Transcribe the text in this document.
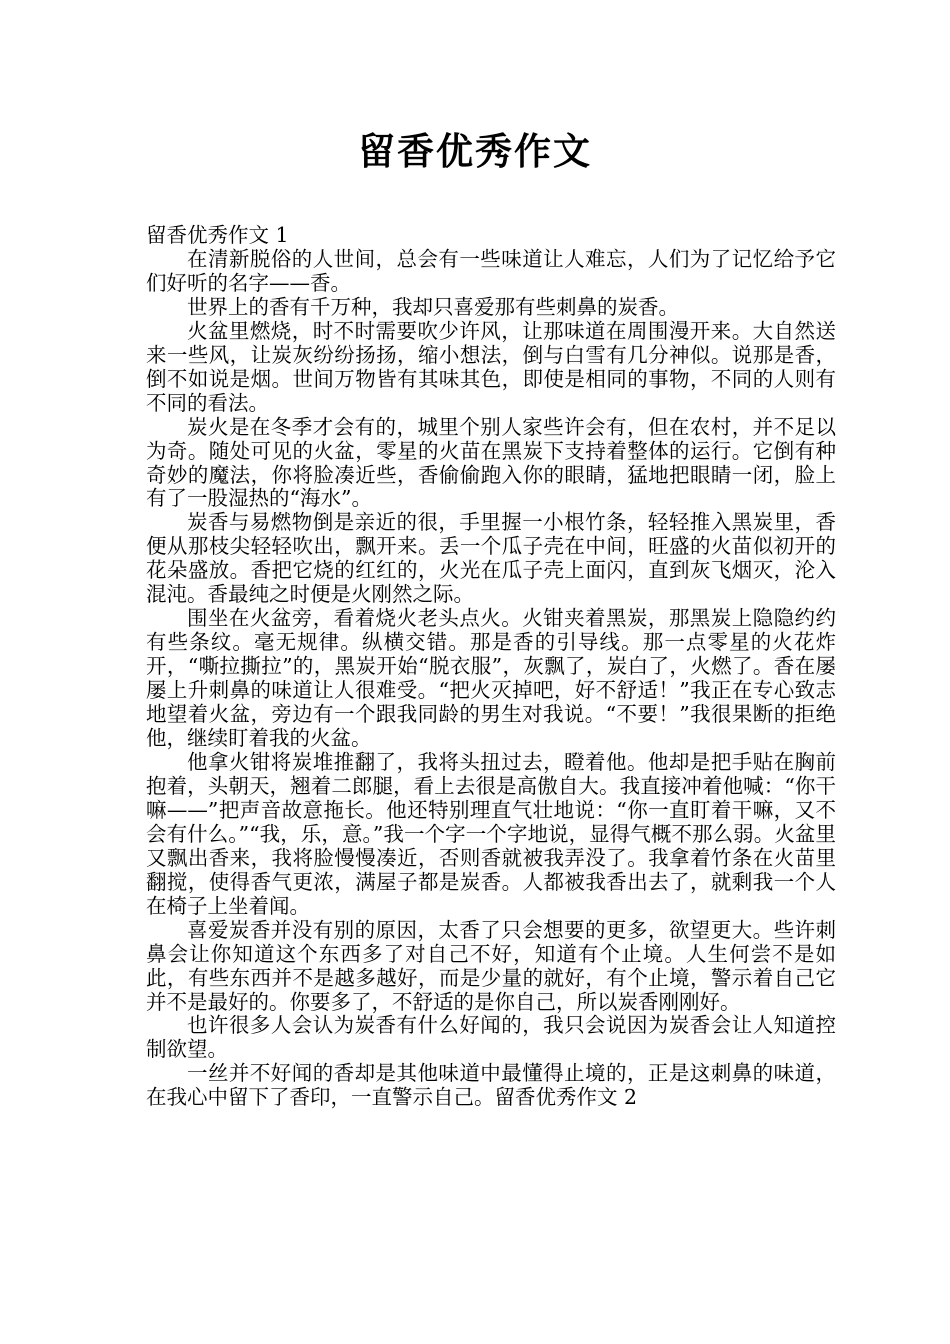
留香优秀作文

留香优秀作文 1

在清新脱俗的人世间，总会有一些味道让人难忘，人们为了记忆给予它们好听的名字——香。

世界上的香有千万种，我却只喜爱那有些刺鼻的炭香。

火盆里燃烧，时不时需要吹少许风，让那味道在周围漫开来。大自然送来一些风，让炭灰纷纷扬扬，缩小想法，倒与白雪有几分神似。说那是香，倒不如说是烟。世间万物皆有其味其色，即使是相同的事物，不同的人则有不同的看法。

炭火是在冬季才会有的，城里个别人家些许会有，但在农村，并不足以为奇。随处可见的火盆，零星的火苗在黑炭下支持着整体的运行。它倒有种奇妙的魔法，你将脸凑近些，香偷偷跑入你的眼睛，猛地把眼睛一闭，脸上有了一股湿热的“海水”。

炭香与易燃物倒是亲近的很，手里握一小根竹条，轻轻推入黑炭里，香便从那枝尖轻轻吹出，飘开来。丢一个瓜子壳在中间，旺盛的火苗似初开的花朵盛放。香把它烧的红红的，火光在瓜子壳上面闪，直到灰飞烟灭，沦入混沌。香最纯之时便是火刚然之际。

围坐在火盆旁，看着烧火老头点火。火钳夹着黑炭，那黑炭上隐隐约约有些条纹。毫无规律。纵横交错。那是香的引导线。那一点零星的火花炸开，“嘶拉撕拉”的，黑炭开始“脱衣服”，灰飘了，炭白了，火燃了。香在屡屡上升刺鼻的味道让人很难受。“把火灭掉吧，好不舒适！”我正在专心致志地望着火盆，旁边有一个跟我同龄的男生对我说。“不要！”我很果断的拒绝他，继续盯着我的火盆。

他拿火钳将炭堆推翻了，我将头扭过去，瞪着他。他却是把手贴在胸前抱着，头朝天，翘着二郎腿，看上去很是高傲自大。我直接冲着他喊：“你干嘛——”把声音故意拖长。他还特别理直气壮地说：“你一直盯着干嘛，又不会有什么。”“我，乐，意。”我一个字一个字地说，显得气概不那么弱。火盆里又飘出香来，我将脸慢慢凑近，否则香就被我弄没了。我拿着竹条在火苗里翻搅，使得香气更浓，满屋子都是炭香。人都被我香出去了，就剩我一个人在椅子上坐着闻。

喜爱炭香并没有别的原因，太香了只会想要的更多，欲望更大。些许刺鼻会让你知道这个东西多了对自己不好，知道有个止境。人生何尝不是如此，有些东西并不是越多越好，而是少量的就好，有个止境，警示着自己它并不是最好的。你要多了，不舒适的是你自己，所以炭香刚刚好。

也许很多人会认为炭香有什么好闻的，我只会说因为炭香会让人知道控制欲望。

一丝并不好闻的香却是其他味道中最懂得止境的，正是这刺鼻的味道，在我心中留下了香印，一直警示自己。留香优秀作文 2
